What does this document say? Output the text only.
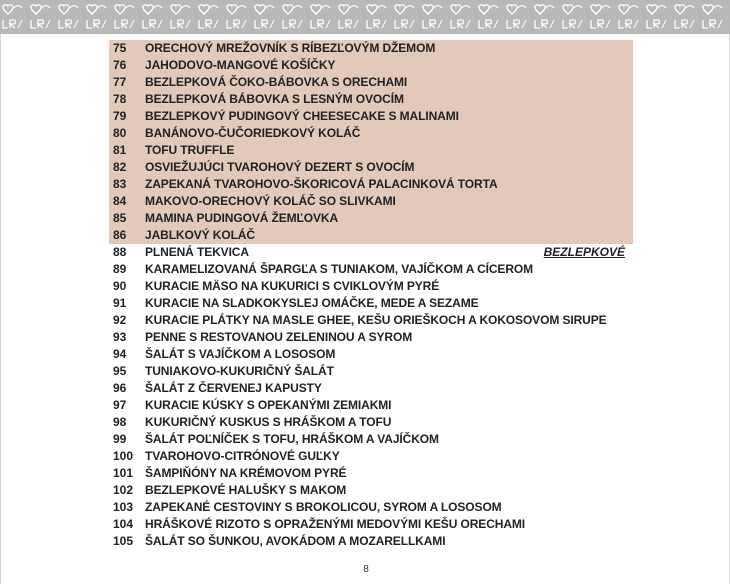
75	ORECHOVÝ MREŽOVNÍK S RÍBEZĽOVÝM DŽEMOM
76	JAHODOVO-MANGOVÉ KOŠÍČKY
77	BEZLEPKOVÁ ČOKO-BÁBOVKA S ORECHAMI
78	BEZLEPKOVÁ BÁBOVKA S LESNÝM OVOCÍM
79	BEZLEPKOVÝ PUDINGOVÝ CHEESECAKE S MALINAMI
80	BANÁNOVO-ČUČORIEDKOVÝ KOLÁČ
81	TOFU TRUFFLE
82	OSVIEŽUJÚCI TVAROHOVÝ DEZERT S OVOCÍM
83	ZAPEKANÁ TVAROHOVO-ŠKORICOVÁ PALACINKOVÁ TORTA
84	MAKOVO-ORECHOVÝ KOLÁČ SO SLIVKAMI
85	MAMINA PUDINGOVÁ ŽEMĽOVKA
86	JABLKOVÝ KOLÁČ
88	PLNENÁ TEKVICA	BEZLEPKOVÉ
89	KARAMELIZOVANÁ ŠPARGĽA S TUNIAKOM, VAJÍČKOM A CÍCEROM
90	KURACIE MÄSO NA KUKURICI S CVIKLOVÝM PYRÉ
91	KURACIE NA SLADKOKYSLEJ OMÁČKE, MEDE A SEZAME
92	KURACIE PLÁTKY NA MASLE GHEE, KEŠU ORIEŠKOCH A KOKOSOVOM SIRUPE
93	PENNE S RESTOVANOU ZELENINOU A SYROM
94	ŠALÁT S VAJÍČKOM A LOSOSOM
95	TUNIAKOVO-KUKURIČNÝ ŠALÁT
96	ŠALÁT Z ČERVENEJ KAPUSTY
97	KURACIE KÚSKY S OPEKANÝMI ZEMIAKMI
98	KUKURIČNÝ KUSKUS S HRÁŠKOM A TOFU
99	ŠALÁT POĽNÍČEK S TOFU, HRÁŠKOM A VAJÍČKOM
100 TVAROHOVO-CITRÓNOVÉ GUĽKY
101 ŠAMPIŇÓNY NA KRÉMOVOM PYRÉ
102 BEZLEPKOVÉ HALUŠKY S MAKOM
103 ZAPEKANÉ CESTOVINY S BROKOLICOU, SYROM A LOSOSOM
104 HRÁŠKOVÉ RIZOTO S OPRAŽENÝMI MEDOVÝMI KEŠU ORECHAMI
105 ŠALÁT SO ŠUNKOU, AVOKÁDOM A MOZARELLKAMI
8
